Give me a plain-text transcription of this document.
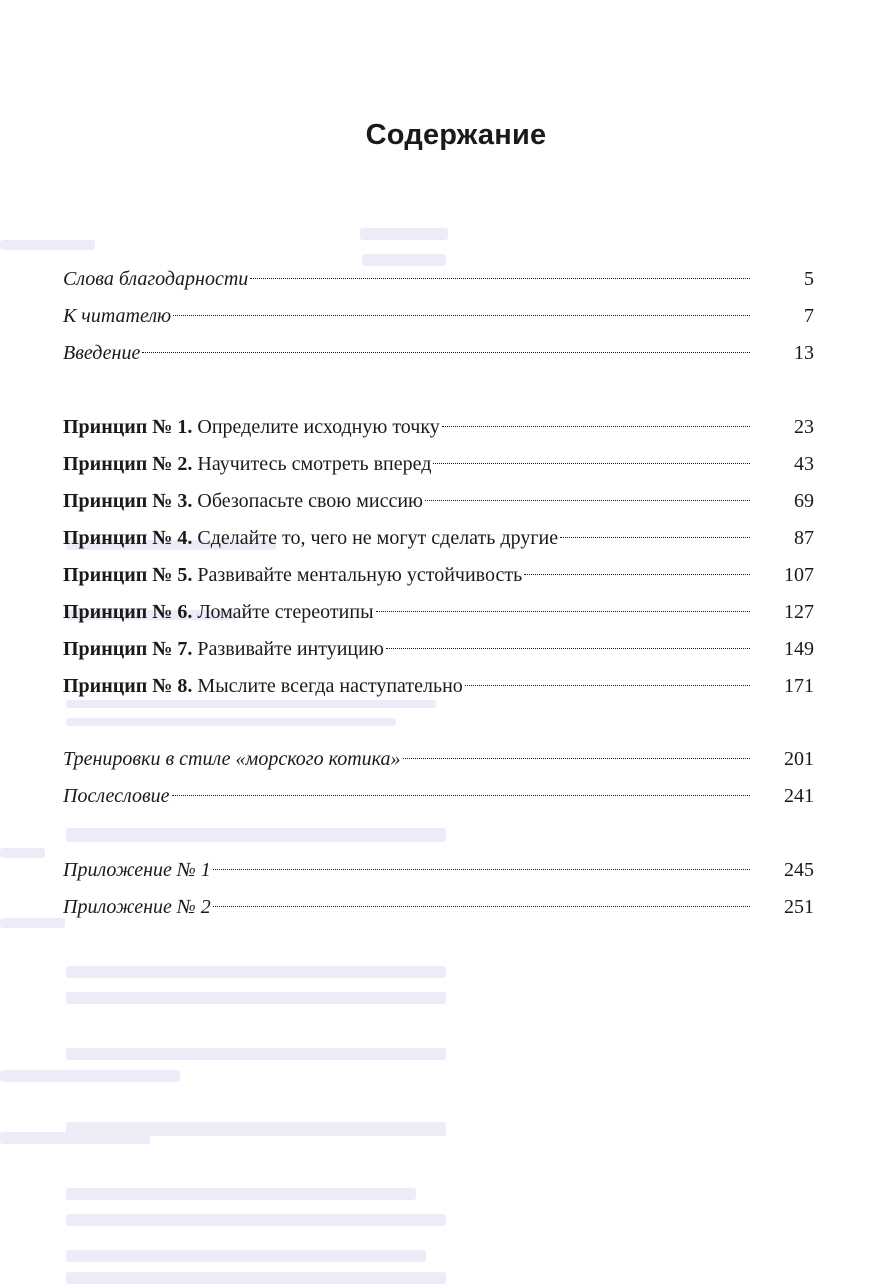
Содержание
Слова благодарности	5
К читателю	7
Введение	13
Принцип № 1. Определите исходную точку	23
Принцип № 2. Научитесь смотреть вперед	43
Принцип № 3. Обезопасьте свою миссию	69
Принцип № 4. Сделайте то, чего не могут сделать другие	87
Принцип № 5. Развивайте ментальную устойчивость	107
Принцип № 6. Ломайте стереотипы	127
Принцип № 7. Развивайте интуицию	149
Принцип № 8. Мыслите всегда наступательно	171
Тренировки в стиле «морского котика»	201
Послесловие	241
Приложение № 1	245
Приложение № 2	251
